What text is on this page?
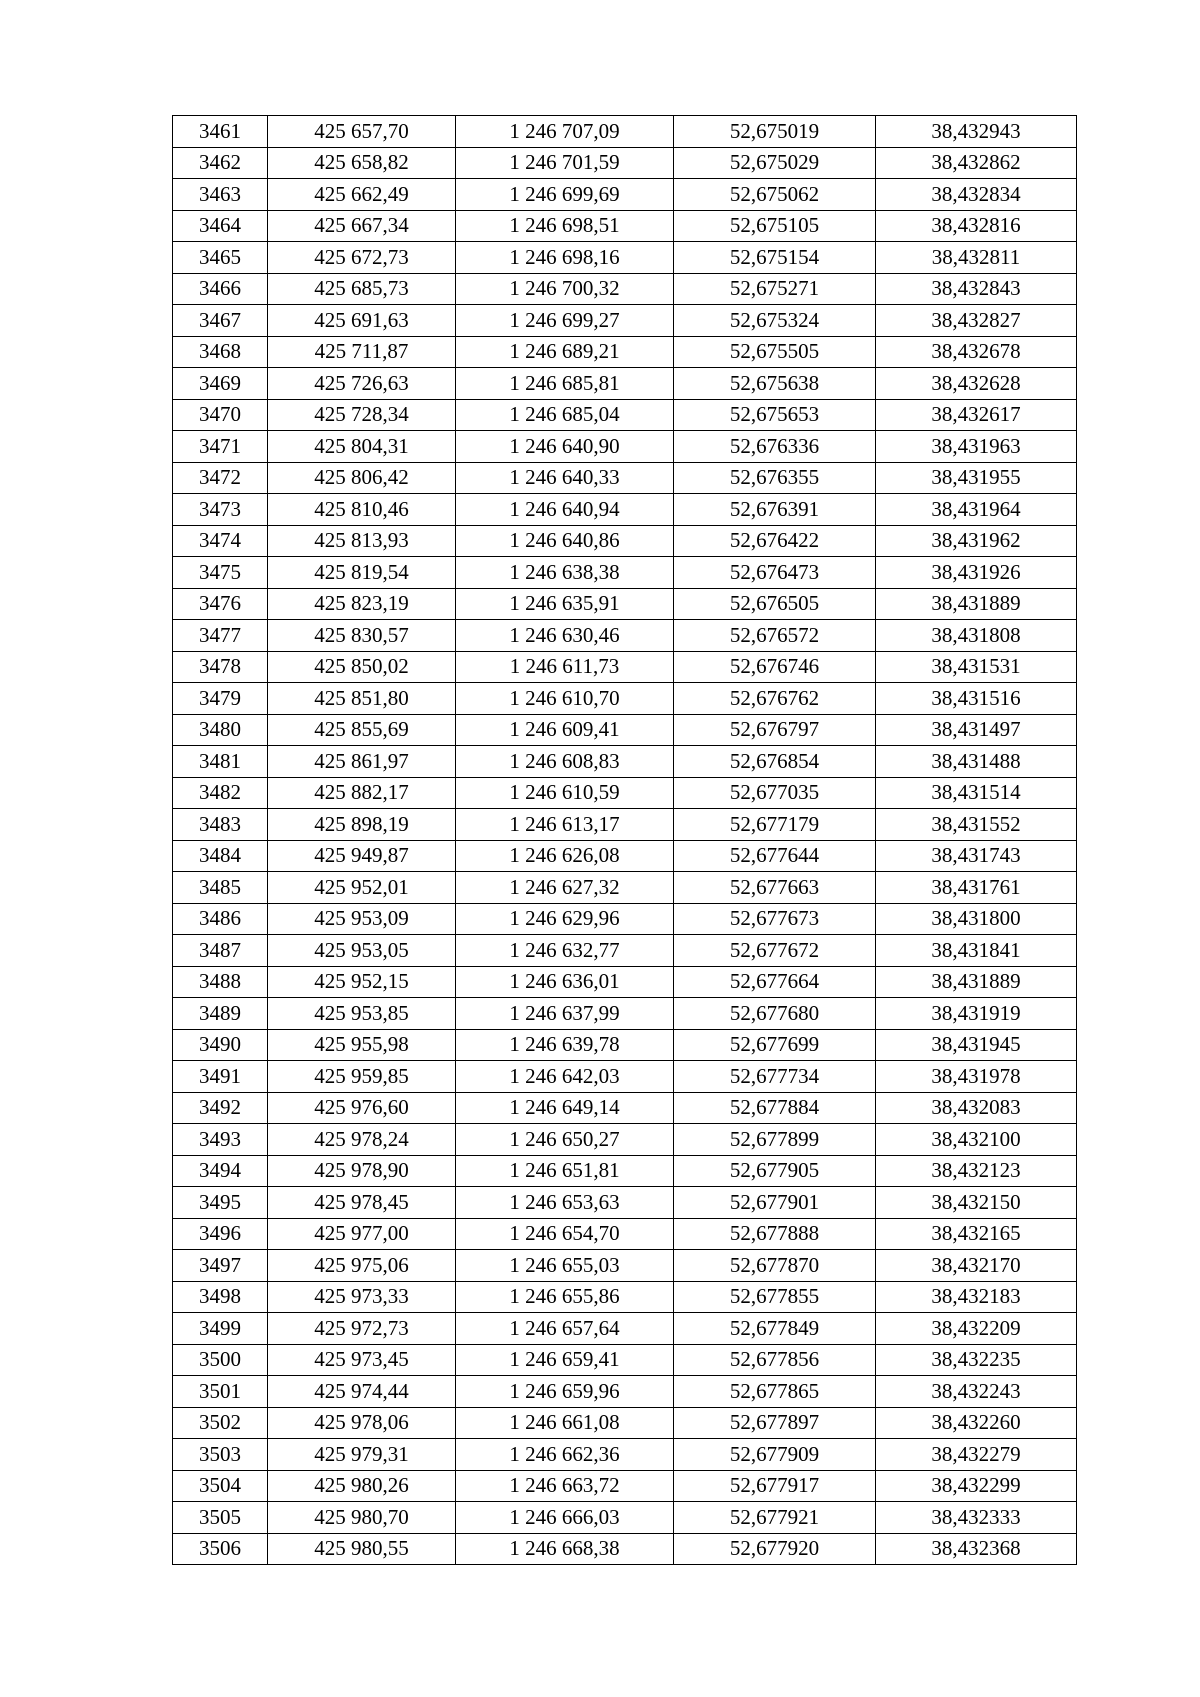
3461	425 657,70	1 246 707,09	52,675019	38,432943
3462	425 658,82	1 246 701,59	52,675029	38,432862
3463	425 662,49	1 246 699,69	52,675062	38,432834
3464	425 667,34	1 246 698,51	52,675105	38,432816
3465	425 672,73	1 246 698,16	52,675154	38,432811
3466	425 685,73	1 246 700,32	52,675271	38,432843
3467	425 691,63	1 246 699,27	52,675324	38,432827
3468	425 711,87	1 246 689,21	52,675505	38,432678
3469	425 726,63	1 246 685,81	52,675638	38,432628
3470	425 728,34	1 246 685,04	52,675653	38,432617
3471	425 804,31	1 246 640,90	52,676336	38,431963
3472	425 806,42	1 246 640,33	52,676355	38,431955
3473	425 810,46	1 246 640,94	52,676391	38,431964
3474	425 813,93	1 246 640,86	52,676422	38,431962
3475	425 819,54	1 246 638,38	52,676473	38,431926
3476	425 823,19	1 246 635,91	52,676505	38,431889
3477	425 830,57	1 246 630,46	52,676572	38,431808
3478	425 850,02	1 246 611,73	52,676746	38,431531
3479	425 851,80	1 246 610,70	52,676762	38,431516
3480	425 855,69	1 246 609,41	52,676797	38,431497
3481	425 861,97	1 246 608,83	52,676854	38,431488
3482	425 882,17	1 246 610,59	52,677035	38,431514
3483	425 898,19	1 246 613,17	52,677179	38,431552
3484	425 949,87	1 246 626,08	52,677644	38,431743
3485	425 952,01	1 246 627,32	52,677663	38,431761
3486	425 953,09	1 246 629,96	52,677673	38,431800
3487	425 953,05	1 246 632,77	52,677672	38,431841
3488	425 952,15	1 246 636,01	52,677664	38,431889
3489	425 953,85	1 246 637,99	52,677680	38,431919
3490	425 955,98	1 246 639,78	52,677699	38,431945
3491	425 959,85	1 246 642,03	52,677734	38,431978
3492	425 976,60	1 246 649,14	52,677884	38,432083
3493	425 978,24	1 246 650,27	52,677899	38,432100
3494	425 978,90	1 246 651,81	52,677905	38,432123
3495	425 978,45	1 246 653,63	52,677901	38,432150
3496	425 977,00	1 246 654,70	52,677888	38,432165
3497	425 975,06	1 246 655,03	52,677870	38,432170
3498	425 973,33	1 246 655,86	52,677855	38,432183
3499	425 972,73	1 246 657,64	52,677849	38,432209
3500	425 973,45	1 246 659,41	52,677856	38,432235
3501	425 974,44	1 246 659,96	52,677865	38,432243
3502	425 978,06	1 246 661,08	52,677897	38,432260
3503	425 979,31	1 246 662,36	52,677909	38,432279
3504	425 980,26	1 246 663,72	52,677917	38,432299
3505	425 980,70	1 246 666,03	52,677921	38,432333
3506	425 980,55	1 246 668,38	52,677920	38,432368
